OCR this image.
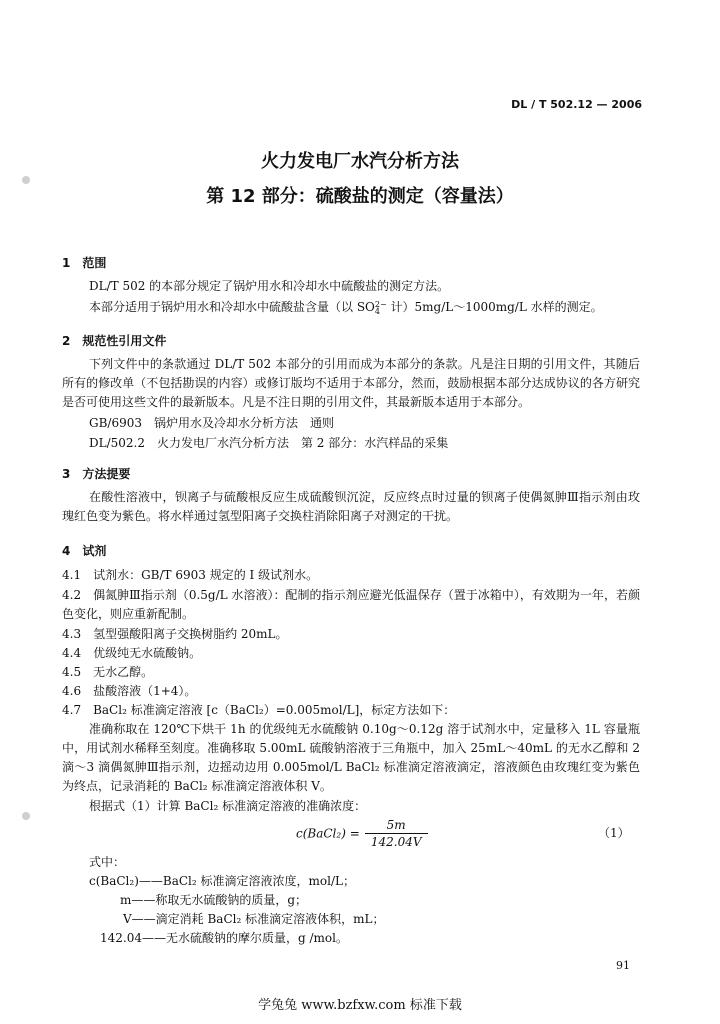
DL / T 502.12 — 2006
火力发电厂水汽分析方法
第 12 部分：硫酸盐的测定（容量法）
1　范围
DL/T 502 的本部分规定了锅炉用水和冷却水中硫酸盐的测定方法。
本部分适用于锅炉用水和冷却水中硫酸盐含量（以 SO 2−
4 计）5mg/L～1000mg/L 水样的测定。
2　规范性引用文件
下列文件中的条款通过 DL/T 502 本部分的引用而成为本部分的条款。凡是注日期的引用文件，其随后所有的修改单（不包括勘误的内容）或修订版均不适用于本部分，然而，鼓励根据本部分达成协议的各方研究是否可使用这些文件的最新版本。凡是不注日期的引用文件，其最新版本适用于本部分。
GB/6903　锅炉用水及冷却水分析方法　通则
DL/502.2　火力发电厂水汽分析方法　第 2 部分：水汽样品的采集
3　方法提要
在酸性溶液中，钡离子与硫酸根反应生成硫酸钡沉淀，反应终点时过量的钡离子使偶氮胂Ⅲ指示剂由玫瑰红色变为紫色。将水样通过氢型阳离子交换柱消除阳离子对测定的干扰。
4　试剂
4.1　试剂水：GB/T 6903 规定的 Ⅰ 级试剂水。
4.2　偶氮胂Ⅲ指示剂（0.5g/L 水溶液）：配制的指示剂应避光低温保存（置于冰箱中），有效期为一年，若颜色变化，则应重新配制。
4.3　氢型强酸阳离子交换树脂约 20mL。
4.4　优级纯无水硫酸钠。
4.5　无水乙醇。
4.6　盐酸溶液（1+4）。
4.7　BaCl₂ 标准滴定溶液 [c（BaCl₂）=0.005mol/L]，标定方法如下：
准确称取在 120℃下烘干 1h 的优级纯无水硫酸钠 0.10g～0.12g 溶于试剂水中，定量移入 1L 容量瓶中，用试剂水稀释至刻度。准确移取 5.00mL 硫酸钠溶液于三角瓶中，加入 25mL～40mL 的无水乙醇和 2 滴～3 滴偶氮胂Ⅲ指示剂，边摇动边用 0.005mol/L BaCl₂ 标准滴定溶液滴定，溶液颜色由玫瑰红变为紫色为终点，记录消耗的 BaCl₂ 标准滴定溶液体积 V。
根据式（1）计算 BaCl₂ 标准滴定溶液的准确浓度：
c(BaCl₂) = $\frac{5m}{142.04V}$	（1）
式中：
c(BaCl₂)——BaCl₂ 标准滴定溶液浓度，mol/L；
m——称取无水硫酸钠的质量，g；
V——滴定消耗 BaCl₂ 标准滴定溶液体积，mL；
142.04——无水硫酸钠的摩尔质量，g /mol。
91
学兔兔 www.bzfxw.com 标准下载
